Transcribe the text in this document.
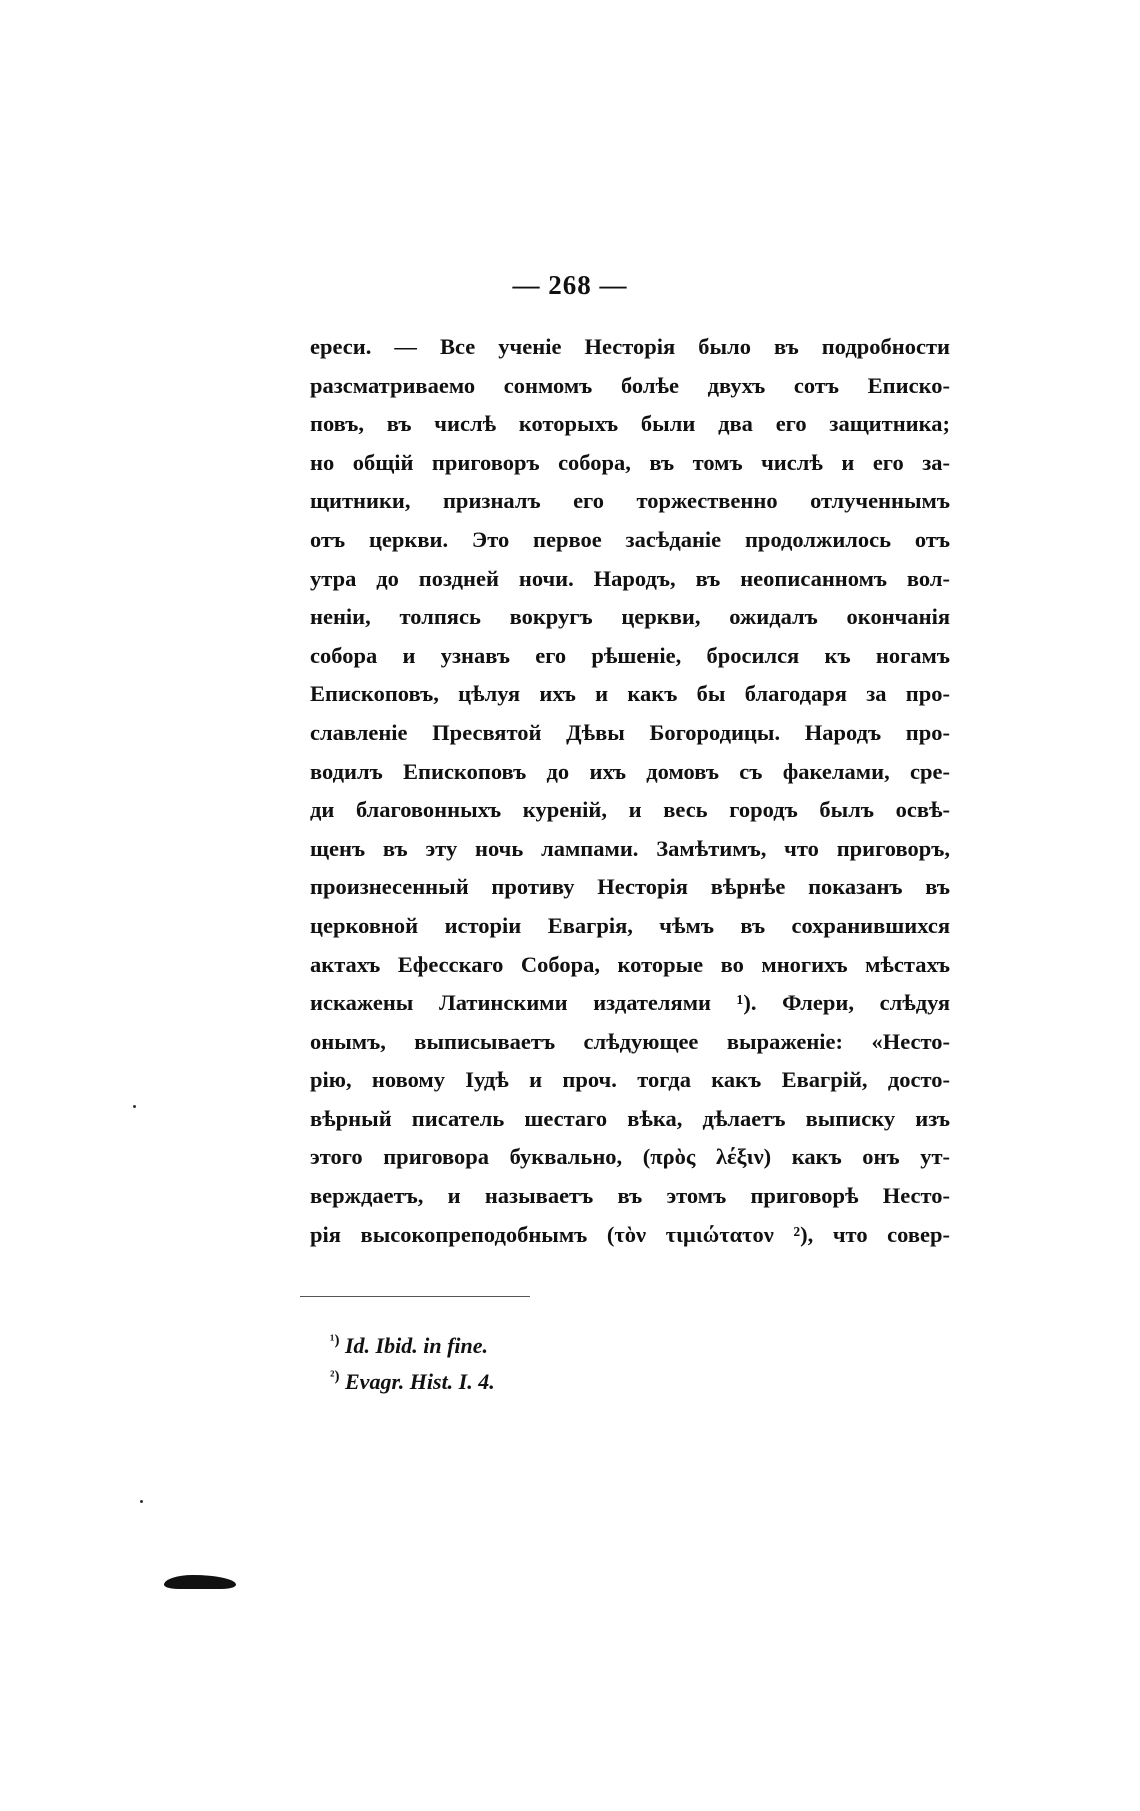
— 268 —
ереси. — Все ученіе Несторія было въ подробности
разсматриваемо сонмомъ болѣе двухъ сотъ Еписко-
повъ, въ числѣ которыхъ были два его защитника;
но общій приговоръ собора, въ томъ числѣ и его за-
щитники, призналъ его торжественно отлученнымъ
отъ церкви. Это первое засѣданіе продолжилось отъ
утра до поздней ночи. Народъ, въ неописанномъ вол-
неніи, толпясь вокругъ церкви, ожидалъ окончанія
собора и узнавъ его рѣшеніе, бросился къ ногамъ
Епископовъ, цѣлуя ихъ и какъ бы благодаря за про-
славленіе Пресвятой Дѣвы Богородицы. Народъ про-
водилъ Епископовъ до ихъ домовъ съ факелами, сре-
ди благовонныхъ куреній, и весь городъ былъ освѣ-
щенъ въ эту ночь лампами. Замѣтимъ, что приговоръ,
произнесенный противу Несторія вѣрнѣе показанъ въ
церковной исторіи Евагрія, чѣмъ въ сохранившихся
актахъ Ефесскаго Собора, которые во многихъ мѣстахъ
искажены Латинскими издателями ¹). Флери, слѣдуя
онымъ, выписываетъ слѣдующее выраженіе: «Несто-
рію, новому Іудѣ и проч. тогда какъ Евагрій, досто-
вѣрный писатель шестаго вѣка, дѣлаетъ выписку изъ
этого приговора буквально, (πρὸς λέξιν) какъ онъ ут-
верждаетъ, и называетъ въ этомъ приговорѣ Несто-
рія высокопреподобнымъ (τὸν τιμιώτατον ²), что совер-
$^{^1)}$ Id. Ibid. in fine.
$^{^2)}$ Evagr. Hist. I. 4.
